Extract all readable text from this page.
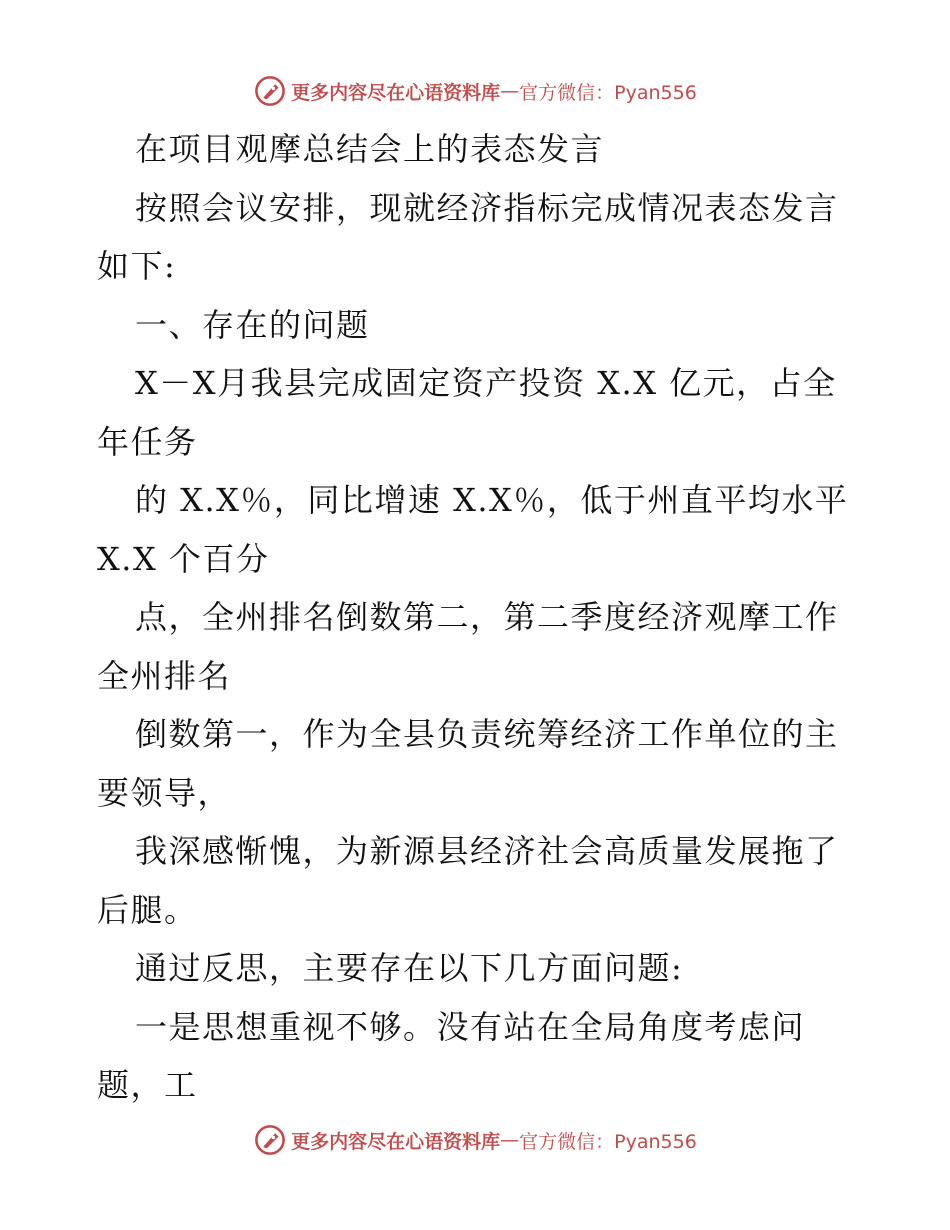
更多内容尽在心语资料库 — 官方微信：Pyan556

在项目观摩总结会上的表态发言

按照会议安排，现就经济指标完成情况表态发言

如下:

一、存在的问题

X－X月我县完成固定资产投资 X.X 亿元，占全

年任务

的 X.X％，同比增速 X.X％，低于州直平均水平

X.X 个百分

点，全州排名倒数第二，第二季度经济观摩工作

全州排名

倒数第一，作为全县负责统筹经济工作单位的主

要领导，

我深感惭愧，为新源县经济社会高质量发展拖了

后腿。

通过反思，主要存在以下几方面问题:

一是思想重视不够。没有站在全局角度考虑问

题，工

更多内容尽在心语资料库 — 官方微信：Pyan556
